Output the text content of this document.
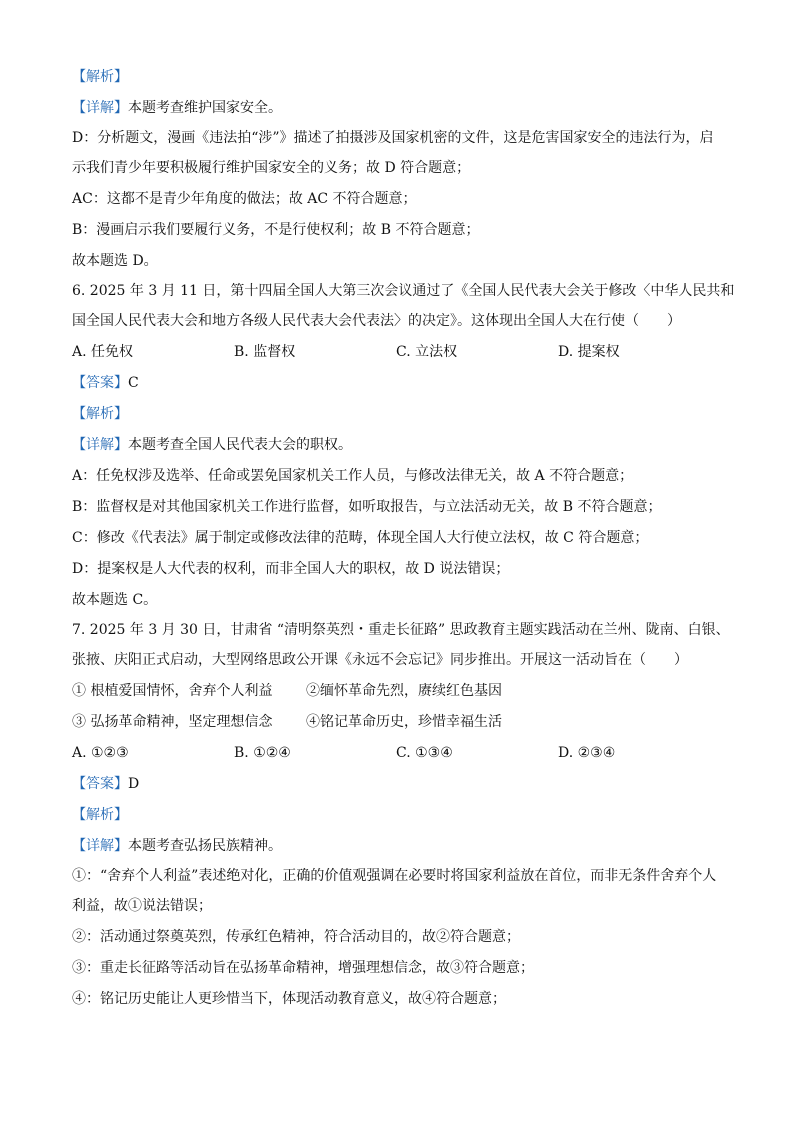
【解析】
【详解】本题考查维护国家安全。
D：分析题文，漫画《违法拍“涉”》描述了拍摄涉及国家机密的文件，这是危害国家安全的违法行为，启
示我们青少年要积极履行维护国家安全的义务；故 D 符合题意；
AC：这都不是青少年角度的做法；故 AC 不符合题意；
B：漫画启示我们要履行义务，不是行使权利；故 B 不符合题意；
故本题选 D。
6. 2025 年 3 月 11 日，第十四届全国人大第三次会议通过了《全国人民代表大会关于修改〈中华人民共和
国全国人民代表大会和地方各级人民代表大会代表法〉的决定》。这体现出全国人大在行使（　　）
A. 任免权	B. 监督权	C. 立法权	D. 提案权
【答案】C
【解析】
【详解】本题考查全国人民代表大会的职权。
A：任免权涉及选举、任命或罢免国家机关工作人员，与修改法律无关，故 A 不符合题意；
B：监督权是对其他国家机关工作进行监督，如听取报告，与立法活动无关，故 B 不符合题意；
C：修改《代表法》属于制定或修改法律的范畴，体现全国人大行使立法权，故 C 符合题意；
D：提案权是人大代表的权利，而非全国人大的职权，故 D 说法错误；
故本题选 C。
7. 2025 年 3 月 30 日，甘肃省 “清明祭英烈・重走长征路” 思政教育主题实践活动在兰州、陇南、白银、
张掖、庆阳正式启动，大型网络思政公开课《永远不会忘记》同步推出。开展这一活动旨在（　　）
① 根植爱国情怀，舍弃个人利益	②缅怀革命先烈，赓续红色基因
③ 弘扬革命精神，坚定理想信念	④铭记革命历史，珍惜幸福生活
A. ①②③	B. ①②④	C. ①③④	D. ②③④
【答案】D
【解析】
【详解】本题考查弘扬民族精神。
①：“舍弃个人利益”表述绝对化，正确的价值观强调在必要时将国家利益放在首位，而非无条件舍弃个人
利益，故①说法错误；
②：活动通过祭奠英烈，传承红色精神，符合活动目的，故②符合题意；
③：重走长征路等活动旨在弘扬革命精神，增强理想信念，故③符合题意；
④：铭记历史能让人更珍惜当下，体现活动教育意义，故④符合题意；
